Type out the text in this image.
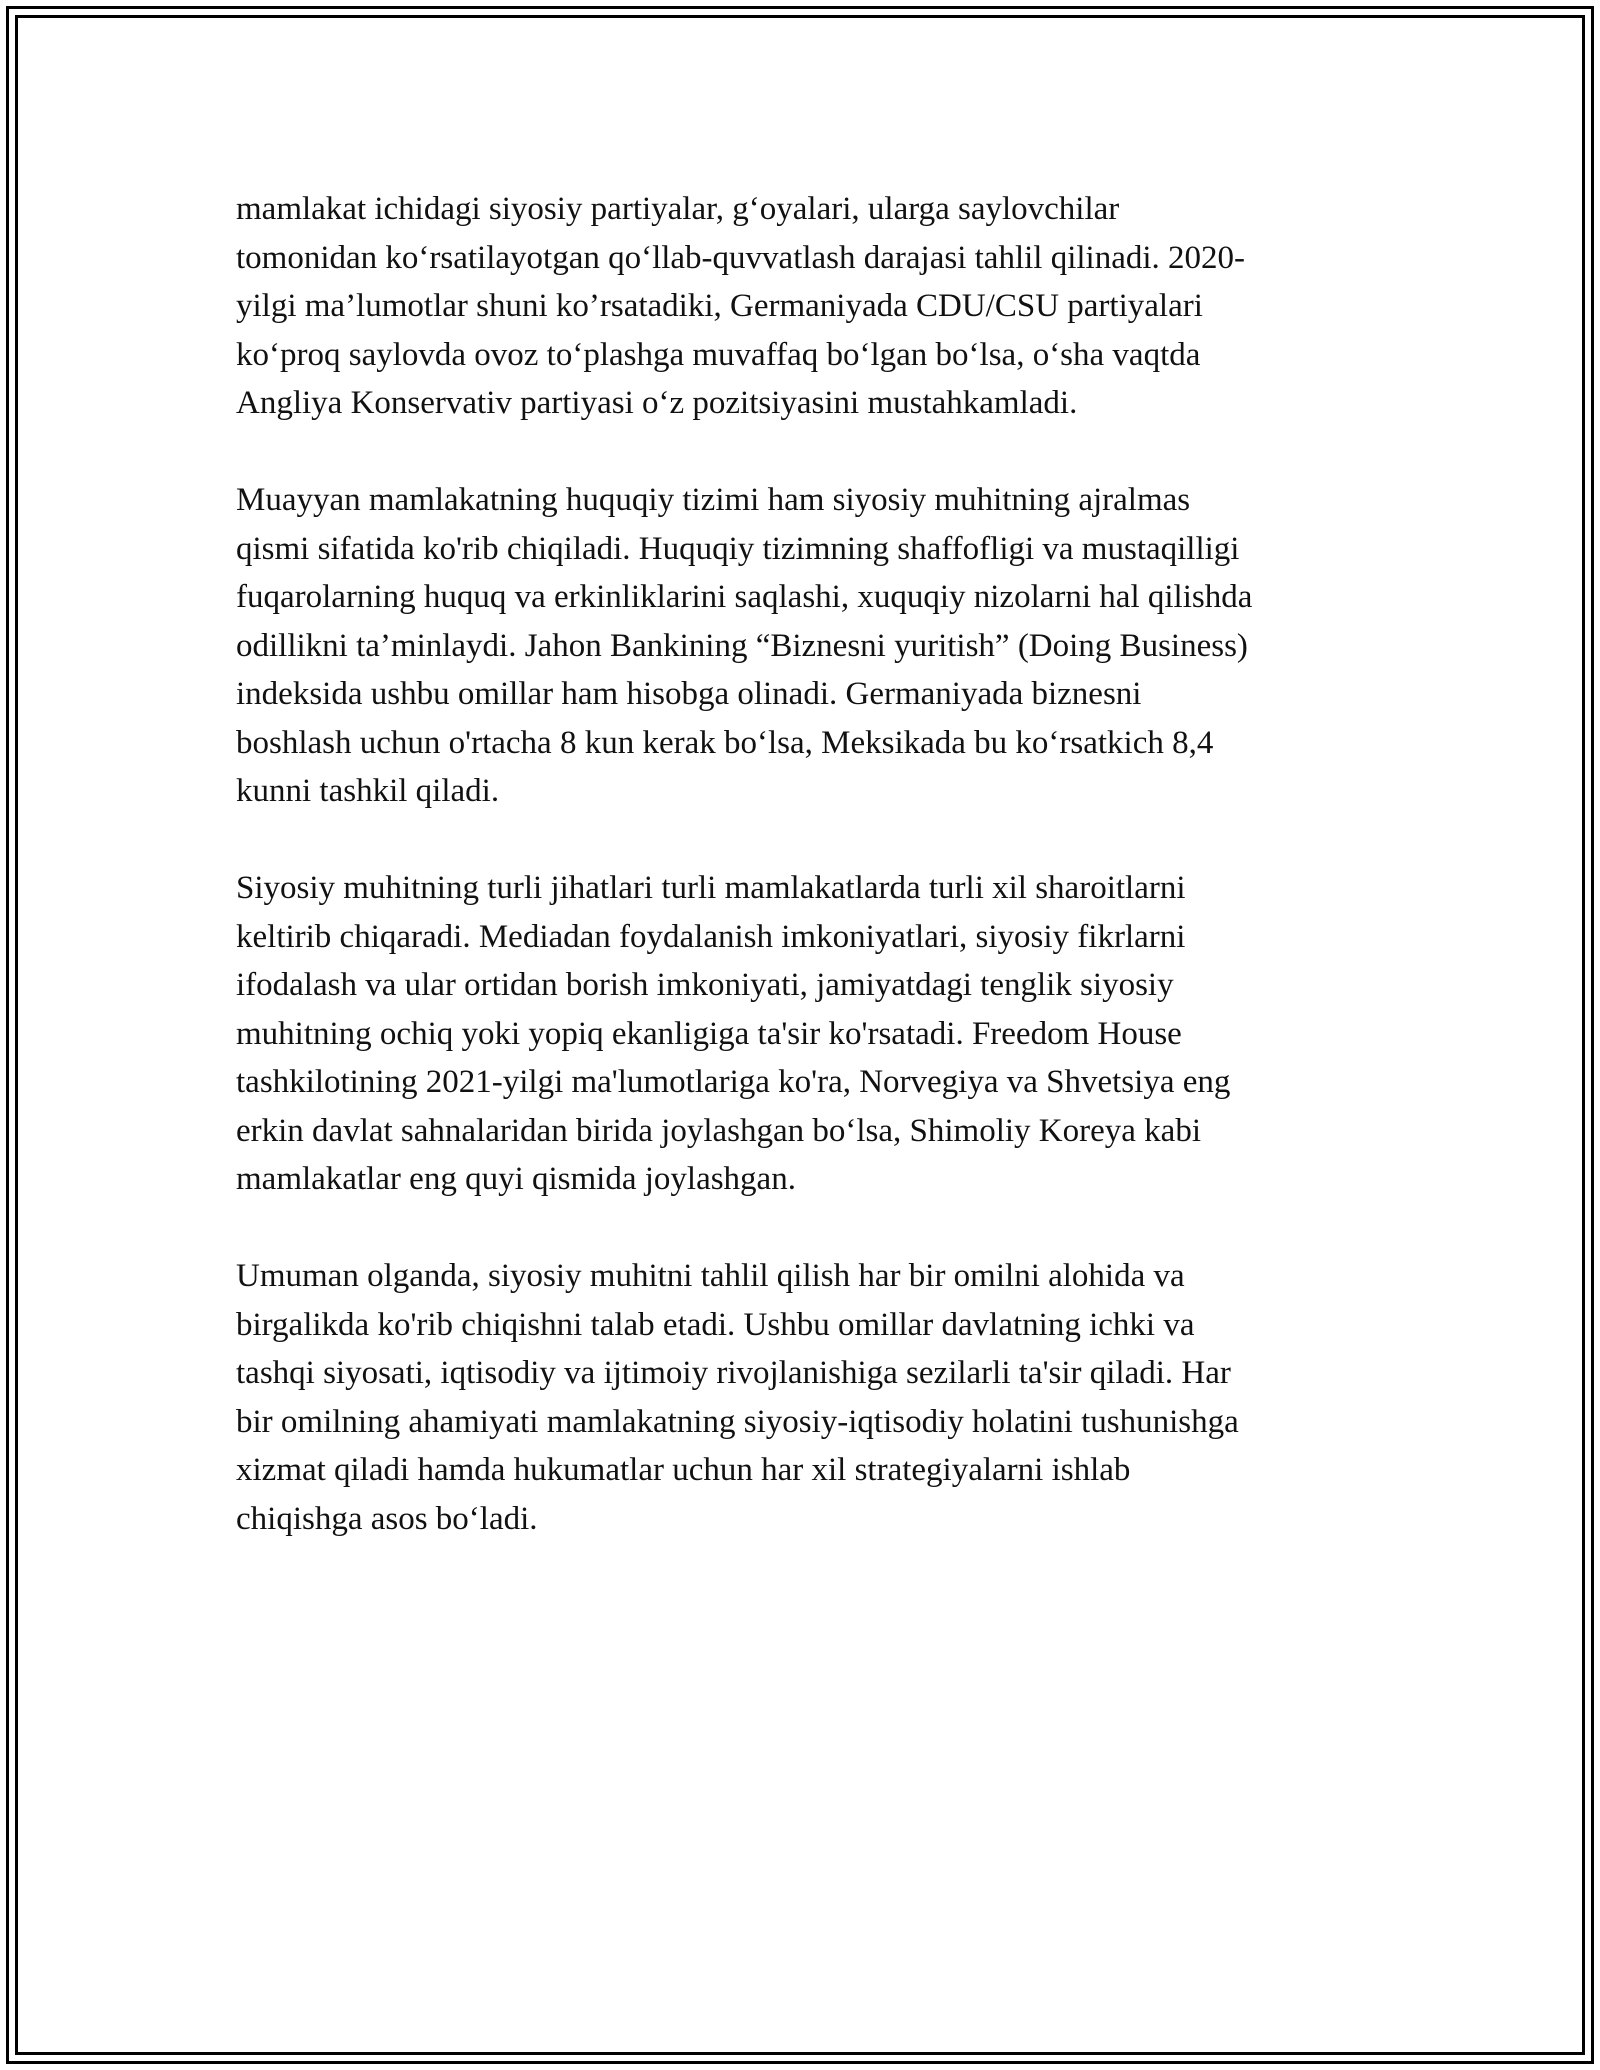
mamlakat ichidagi siyosiy partiyalar, g‘oyalari, ularga saylovchilar
tomonidan ko‘rsatilayotgan qo‘llab-quvvatlash darajasi tahlil qilinadi. 2020-
yilgi ma’lumotlar shuni ko’rsatadiki, Germaniyada CDU/CSU partiyalari
ko‘proq saylovda ovoz to‘plashga muvaffaq bo‘lgan bo‘lsa, o‘sha vaqtda
Angliya Konservativ partiyasi o‘z pozitsiyasini mustahkamladi.

Muayyan mamlakatning huquqiy tizimi ham siyosiy muhitning ajralmas
qismi sifatida ko'rib chiqiladi. Huquqiy tizimning shaffofligi va mustaqilligi
fuqarolarning huquq va erkinliklarini saqlashi, xuquqiy nizolarni hal qilishda
odillikni ta’minlaydi. Jahon Bankining “Biznesni yuritish” (Doing Business)
indeksida ushbu omillar ham hisobga olinadi. Germaniyada biznesni
boshlash uchun o'rtacha 8 kun kerak bo‘lsa, Meksikada bu ko‘rsatkich 8,4
kunni tashkil qiladi.

Siyosiy muhitning turli jihatlari turli mamlakatlarda turli xil sharoitlarni
keltirib chiqaradi. Mediadan foydalanish imkoniyatlari, siyosiy fikrlarni
ifodalash va ular ortidan borish imkoniyati, jamiyatdagi tenglik siyosiy
muhitning ochiq yoki yopiq ekanligiga ta'sir ko'rsatadi. Freedom House
tashkilotining 2021-yilgi ma'lumotlariga ko'ra, Norvegiya va Shvetsiya eng
erkin davlat sahnalaridan birida joylashgan bo‘lsa, Shimoliy Koreya kabi
mamlakatlar eng quyi qismida joylashgan.

Umuman olganda, siyosiy muhitni tahlil qilish har bir omilni alohida va
birgalikda ko'rib chiqishni talab etadi. Ushbu omillar davlatning ichki va
tashqi siyosati, iqtisodiy va ijtimoiy rivojlanishiga sezilarli ta'sir qiladi. Har
bir omilning ahamiyati mamlakatning siyosiy-iqtisodiy holatini tushunishga
xizmat qiladi hamda hukumatlar uchun har xil strategiyalarni ishlab
chiqishga asos bo‘ladi.
